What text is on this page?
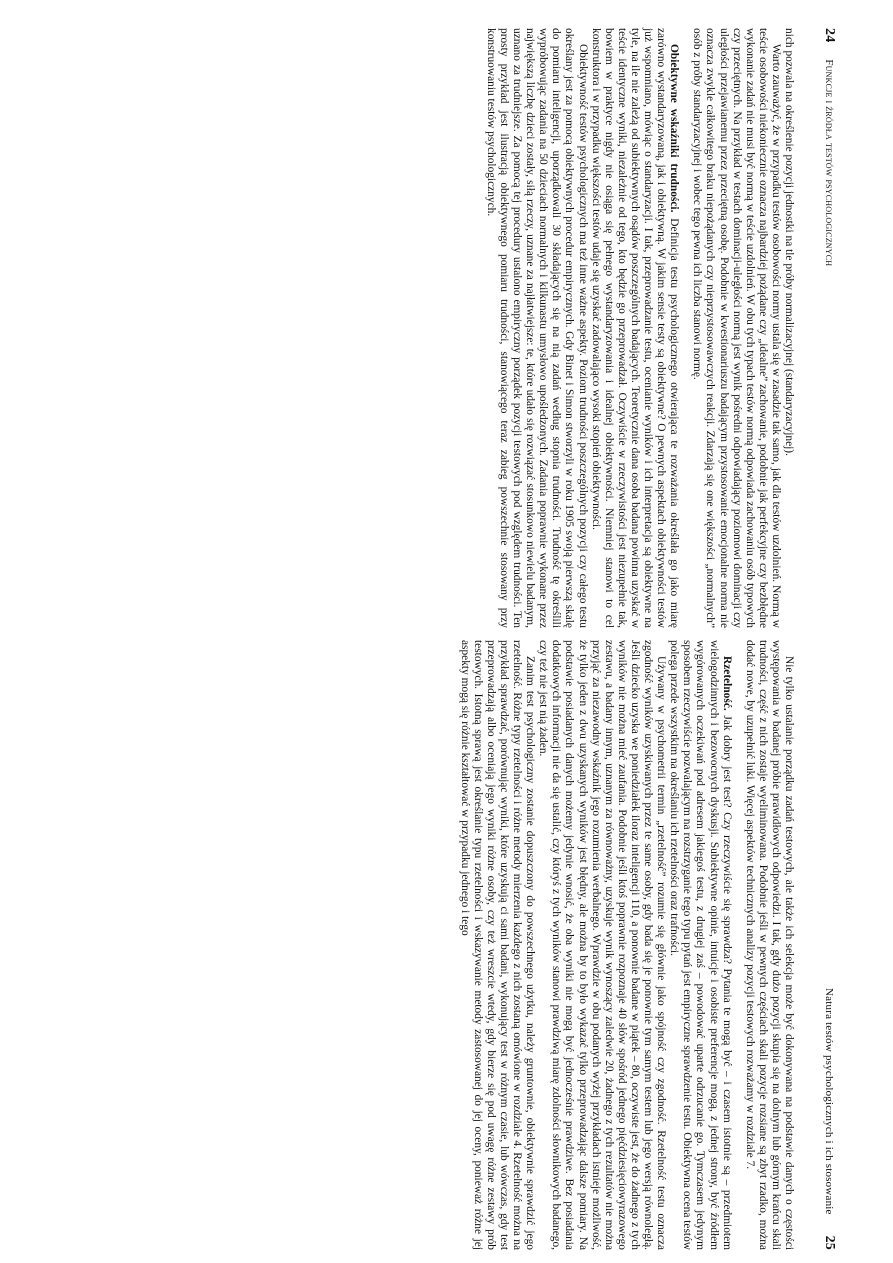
24 Funkcje i źródła testów psychologicznych

nich pozwala na określenie pozycji jednostki na tle próby normalizacyjnej (standaryzacyjnej).

Warto zauważyć, że w przypadku testów osobowości normy ustala się w zasadzie tak samo, jak dla testów uzdolnień. Normą w teście osobowości niekoniecznie oznacza najbardziej pożądane czy „idealne” zachowanie, podobnie jak perfekcyjne czy bezbłędne wykonanie zadań nie musi być normą w teście uzdolnień. W obu tych typach testów normą odpowiada zachowaniu osób typowych czy przeciętnych. Na przykład w testach dominacji-uległości normą jest wynik pośredni odpowiadający poziomowi dominacji czy uległości przejawianemu przez przeciętną osobę. Podobnie w kwestionariuszu badającym przystosowanie emocjonalne norma nie oznacza zwykle całkowitego braku niepożądanych czy nieprzystosowawczych reakcji. Zdarzają się one większości „normalnych” osób z próby standaryzacyjnej i wobec tego pewna ich liczba stanowi normę.

Obiektywne wskaźniki trudności. Definicja testu psychologicznego otwierająca te rozważania określała go jako miarę zarówno wystandaryzowaną, jak i obiektywną. W jakim sensie testy są obiektywne? O pewnych aspektach obiektywności testów już wspomniano, mówiąc o standaryzacji. I tak, przeprowadzanie testu, ocenianie wyników i ich interpretacja są obiektywne na tyle, na ile nie zależą od subiektywnych osądów poszczególnych badających. Teoretycznie dana osoba badana powinna uzyskać w teście identyczne wyniki, niezależnie od tego, kto będzie go przeprowadzał. Oczywiście w rzeczywistości jest niezupełnie tak, bowiem w praktyce nigdy nie osiąga się pełnego wystandaryzowania i idealnej obiektywności. Niemniej stanowi to cel konstruktora i w przypadku większości testów udaje się uzyskać zadowalająco wysoki stopień obiektywności.

Obiektywność testów psychologicznych ma też inne ważne aspekty. Poziom trudności poszczególnych pozycji czy całego testu określany jest za pomocą obiektywnych procedur empirycznych. Gdy Binet i Simon stworzyli w roku 1905 swoją pierwszą skalę do pomiaru inteligencji, uporządkowali 30 składających się na nią zadań według stopnia trudności. Trudność tę określili wypróbowując zadania na 50 dzieciach normalnych i kilkunastu umysłowo upośledzonych. Zadania poprawnie wykonane przez największą liczbę dzieci zostały, siłą rzeczy, uznane za najłatwiejsze: te, które udało się rozwiązać stosunkowo niewielu badanym, uznano za trudniejsze. Za pomocą tej procedury ustalono empiryczny porządek pozycji testowych pod względem trudności. Ten prosty przykład jest ilustracją obiektywnego pomiaru trudności, stanowiącego teraz zabieg powszechnie stosowany przy konstruowaniu testów psychologicznych.

Natura testów psychologicznych i ich stosowanie 25

Nie tylko ustalanie porządku zadań testowych, ale także ich selekcja może być dokonywana na podstawie danych o częstości występowania w badanej próbie prawidłowych odpowiedzi. I tak, gdy dużo pozycji skupia się na dolnym lub górnym krańcu skali trudności, część z nich zostaje wyeliminowana. Podobnie jeśli w pewnych częściach skali pozycje rozsiane są zbyt rzadko, można dodać nowe, by uzupełnić luki. Więcej aspektów technicznych analizy pozycji testowych rozważamy w rozdziale 7.

Rzetelność. Jak dobry jest test? Czy rzeczywiście się sprawdza? Pytania te mogą być – i czasem istotnie są – przedmiotem wielogodzinnych i bezowocnych dyskusji. Subiektywne opinie, intuicje i osobiste preferencje mogą, z jednej strony, być źródłem wygórowanych oczekiwań pod adresem jakiegoś testu, z drugiej zaś – powodować uparte odrzucanie go. Tymczasem jedynym sposobem rzeczywiście pozwalającym na rozstrzyganie tego typu pytań jest empiryczne sprawdzenie testu. Obiektywna ocena testów polega przede wszystkim na określaniu ich rzetelności oraz trafności.

Używany w psychometrii termin „rzetelność” rozumie się głównie jako spójność czy zgodność. Rzetelność testu oznacza zgodność wyników uzyskiwanych przez te same osoby, gdy bada się je ponownie tym samym testem lub jego wersją równoległą. Jeśli dziecko uzyska we poniedziałek iloraz inteligencji 110, a ponownie badane w piątek – 80, oczywiste jest, że do żadnego z tych wyników nie można mieć zaufania. Podobnie jeśli ktoś poprawnie rozpoznaje 40 słów spośród jednego pięćdziesięciowyrazowego zestawu, a badany innym, uznanym za równoważny, uzyskuje wynik wynoszący zaledwie 20, żadnego z tych rezultatów nie można przyjąć za niezawodny wskaźnik jego rozumienia werbalnego. Wprawdzie w obu podanych wyżej przykładach istnieje możliwość, że tylko jeden z dwu uzyskanych wyników jest błędny, ale można by to było wykazać tylko przeprowadzając dalsze pomiary. Na podstawie posiadanych danych możemy jedynie wnosić, że oba wyniki nie mogą być jednocześnie prawdziwe. Bez posiadania dodatkowych informacji nie da się ustalić, czy któryś z tych wyników stanowi prawdziwą miarę zdolności słownikowych badanego, czy też nie jest nią żaden.

Zanim test psychologiczny zostanie dopuszczony do powszechnego użytku, należy gruntownie, obiektywnie sprawdzić jego rzetelność. Różne typy rzetelności i różne metody mierzenia każdego z nich zostaną omówione w rozdziale 4. Rzetelność można na przykład sprawdzać, porównując wyniki, które uzyskują ci sami badani, wykonujący test w różnym czasie, lub wówczas, gdy test przeprowadzają albo oceniają jego wyniki różne osoby, czy też wreszcie wtedy, gdy bierze się pod uwagę różne zestawy prób testowych. Istotną sprawą jest określanie typu rzetelności i wskazywanie metody zastosowanej do jej oceny, ponieważ różne jej aspekty mogą się różnie kształtować w przypadku jednego i tego
